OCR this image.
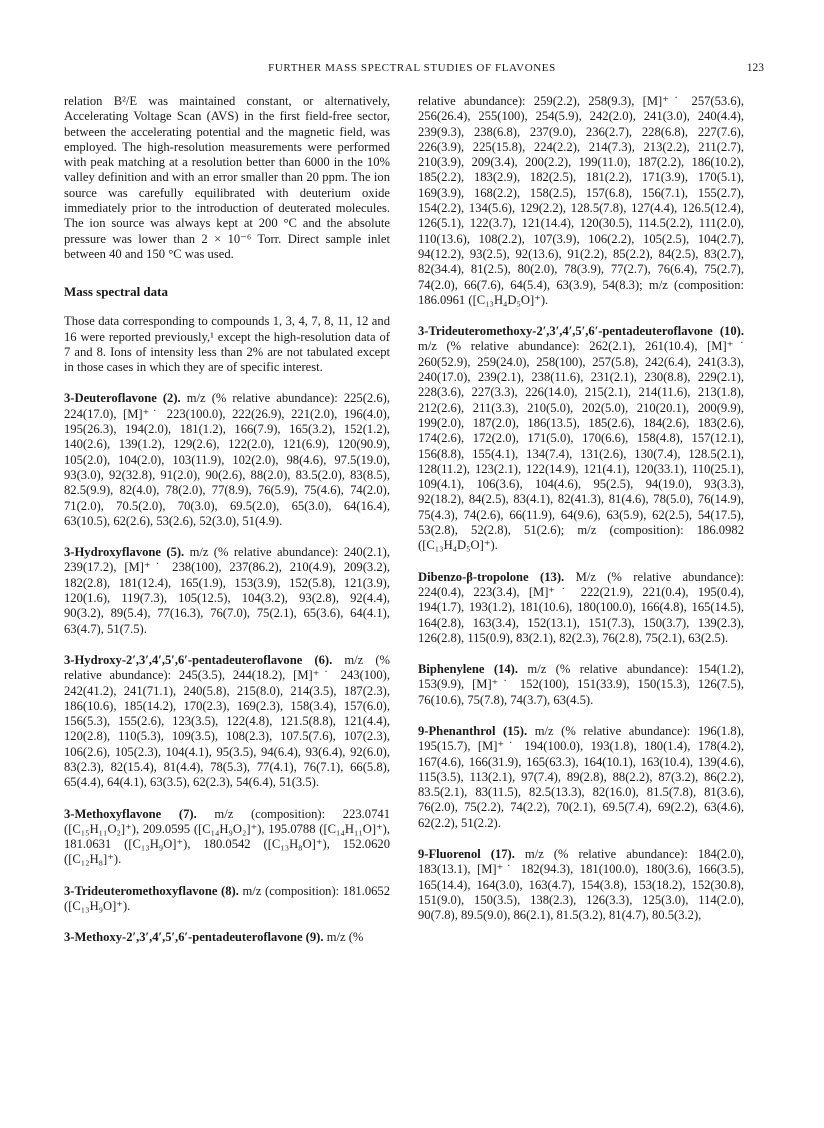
FURTHER MASS SPECTRAL STUDIES OF FLAVONES	123

relation B²/E was maintained constant, or alternatively, Accelerating Voltage Scan (AVS) in the first field-free sector, between the accelerating potential and the magnetic field, was employed. The high-resolution measurements were performed with peak matching at a resolution better than 6000 in the 10% valley definition and with an error smaller than 20 ppm. The ion source was carefully equilibrated with deuterium oxide immediately prior to the introduction of deuterated molecules. The ion source was always kept at 200 °C and the absolute pressure was lower than 2 × 10⁻⁶ Torr. Direct sample inlet between 40 and 150 °C was used.

Mass spectral data

Those data corresponding to compounds 1, 3, 4, 7, 8, 11, 12 and 16 were reported previously,¹ except the high-resolution data of 7 and 8. Ions of intensity less than 2% are not tabulated except in those cases in which they are of specific interest.

3-Deuteroflavone (2). m/z (% relative abundance): 225(2.6), 224(17.0), [M]⁺˙ 223(100.0), 222(26.9), 221(2.0), 196(4.0), 195(26.3), 194(2.0), 181(1.2), 166(7.9), 165(3.2), 152(1.2), 140(2.6), 139(1.2), 129(2.6), 122(2.0), 121(6.9), 120(90.9), 105(2.0), 104(2.0), 103(11.9), 102(2.0), 98(4.6), 97.5(19.0), 93(3.0), 92(32.8), 91(2.0), 90(2.6), 88(2.0), 83.5(2.0), 83(8.5), 82.5(9.9), 82(4.0), 78(2.0), 77(8.9), 76(5.9), 75(4.6), 74(2.0), 71(2.0), 70.5(2.0), 70(3.0), 69.5(2.0), 65(3.0), 64(16.4), 63(10.5), 62(2.6), 53(2.6), 52(3.0), 51(4.9).

3-Hydroxyflavone (5). m/z (% relative abundance): 240(2.1), 239(17.2), [M]⁺˙ 238(100), 237(86.2), 210(4.9), 209(3.2), 182(2.8), 181(12.4), 165(1.9), 153(3.9), 152(5.8), 121(3.9), 120(1.6), 119(7.3), 105(12.5), 104(3.2), 93(2.8), 92(4.4), 90(3.2), 89(5.4), 77(16.3), 76(7.0), 75(2.1), 65(3.6), 64(4.1), 63(4.7), 51(7.5).

3-Hydroxy-2′,3′,4′,5′,6′-pentadeuteroflavone (6). m/z (% relative abundance): 245(3.5), 244(18.2), [M]⁺˙ 243(100), 242(41.2), 241(71.1), 240(5.8), 215(8.0), 214(3.5), 187(2.3), 186(10.6), 185(14.2), 170(2.3), 169(2.3), 158(3.4), 157(6.0), 156(5.3), 155(2.6), 123(3.5), 122(4.8), 121.5(8.8), 121(4.4), 120(2.8), 110(5.3), 109(3.5), 108(2.3), 107.5(7.6), 107(2.3), 106(2.6), 105(2.3), 104(4.1), 95(3.5), 94(6.4), 93(6.4), 92(6.0), 83(2.3), 82(15.4), 81(4.4), 78(5.3), 77(4.1), 76(7.1), 66(5.8), 65(4.4), 64(4.1), 63(3.5), 62(2.3), 54(6.4), 51(3.5).

3-Methoxyflavone (7). m/z (composition): 223.0741 ([C₁₅H₁₁O₂]⁺), 209.0595 ([C₁₄H₉O₂]⁺), 195.0788 ([C₁₄H₁₁O]⁺), 181.0631 ([C₁₃H₉O]⁺), 180.0542 ([C₁₃H₈O]⁺), 152.0620 ([C₁₂H₈]⁺).

3-Trideuteromethoxyflavone (8). m/z (composition): 181.0652 ([C₁₃H₉O]⁺).

3-Methoxy-2′,3′,4′,5′,6′-pentadeuteroflavone (9). m/z (%

relative abundance): 259(2.2), 258(9.3), [M]⁺˙ 257(53.6), 256(26.4), 255(100), 254(5.9), 242(2.0), 241(3.0), 240(4.4), 239(9.3), 238(6.8), 237(9.0), 236(2.7), 228(6.8), 227(7.6), 226(3.9), 225(15.8), 224(2.2), 214(7.3), 213(2.2), 211(2.7), 210(3.9), 209(3.4), 200(2.2), 199(11.0), 187(2.2), 186(10.2), 185(2.2), 183(2.9), 182(2.5), 181(2.2), 171(3.9), 170(5.1), 169(3.9), 168(2.2), 158(2.5), 157(6.8), 156(7.1), 155(2.7), 154(2.2), 134(5.6), 129(2.2), 128.5(7.8), 127(4.4), 126.5(12.4), 126(5.1), 122(3.7), 121(14.4), 120(30.5), 114.5(2.2), 111(2.0), 110(13.6), 108(2.2), 107(3.9), 106(2.2), 105(2.5), 104(2.7), 94(12.2), 93(2.5), 92(13.6), 91(2.2), 85(2.2), 84(2.5), 83(2.7), 82(34.4), 81(2.5), 80(2.0), 78(3.9), 77(2.7), 76(6.4), 75(2.7), 74(2.0), 66(7.6), 64(5.4), 63(3.9), 54(8.3); m/z (composition: 186.0961 ([C₁₃H₄D₅O]⁺).

3-Trideuteromethoxy-2′,3′,4′,5′,6′-pentadeuteroflavone (10). m/z (% relative abundance): 262(2.1), 261(10.4), [M]⁺˙ 260(52.9), 259(24.0), 258(100), 257(5.8), 242(6.4), 241(3.3), 240(17.0), 239(2.1), 238(11.6), 231(2.1), 230(8.8), 229(2.1), 228(3.6), 227(3.3), 226(14.0), 215(2.1), 214(11.6), 213(1.8), 212(2.6), 211(3.3), 210(5.0), 202(5.0), 210(20.1), 200(9.9), 199(2.0), 187(2.0), 186(13.5), 185(2.6), 184(2.6), 183(2.6), 174(2.6), 172(2.0), 171(5.0), 170(6.6), 158(4.8), 157(12.1), 156(8.8), 155(4.1), 134(7.4), 131(2.6), 130(7.4), 128.5(2.1), 128(11.2), 123(2.1), 122(14.9), 121(4.1), 120(33.1), 110(25.1), 109(4.1), 106(3.6), 104(4.6), 95(2.5), 94(19.0), 93(3.3), 92(18.2), 84(2.5), 83(4.1), 82(41.3), 81(4.6), 78(5.0), 76(14.9), 75(4.3), 74(2.6), 66(11.9), 64(9.6), 63(5.9), 62(2.5), 54(17.5), 53(2.8), 52(2.8), 51(2.6); m/z (composition): 186.0982 ([C₁₃H₄D₅O]⁺).

Dibenzo-β-tropolone (13). M/z (% relative abundance): 224(0.4), 223(3.4), [M]⁺˙ 222(21.9), 221(0.4), 195(0.4), 194(1.7), 193(1.2), 181(10.6), 180(100.0), 166(4.8), 165(14.5), 164(2.8), 163(3.4), 152(13.1), 151(7.3), 150(3.7), 139(2.3), 126(2.8), 115(0.9), 83(2.1), 82(2.3), 76(2.8), 75(2.1), 63(2.5).

Biphenylene (14). m/z (% relative abundance): 154(1.2), 153(9.9), [M]⁺˙ 152(100), 151(33.9), 150(15.3), 126(7.5), 76(10.6), 75(7.8), 74(3.7), 63(4.5).

9-Phenanthrol (15). m/z (% relative abundance): 196(1.8), 195(15.7), [M]⁺˙ 194(100.0), 193(1.8), 180(1.4), 178(4.2), 167(4.6), 166(31.9), 165(63.3), 164(10.1), 163(10.4), 139(4.6), 115(3.5), 113(2.1), 97(7.4), 89(2.8), 88(2.2), 87(3.2), 86(2.2), 83.5(2.1), 83(11.5), 82.5(13.3), 82(16.0), 81.5(7.8), 81(3.6), 76(2.0), 75(2.2), 74(2.2), 70(2.1), 69.5(7.4), 69(2.2), 63(4.6), 62(2.2), 51(2.2).

9-Fluorenol (17). m/z (% relative abundance): 184(2.0), 183(13.1), [M]⁺˙ 182(94.3), 181(100.0), 180(3.6), 166(3.5), 165(14.4), 164(3.0), 163(4.7), 154(3.8), 153(18.2), 152(30.8), 151(9.0), 150(3.5), 138(2.3), 126(3.3), 125(3.0), 114(2.0), 90(7.8), 89.5(9.0), 86(2.1), 81.5(3.2), 81(4.7), 80.5(3.2),
